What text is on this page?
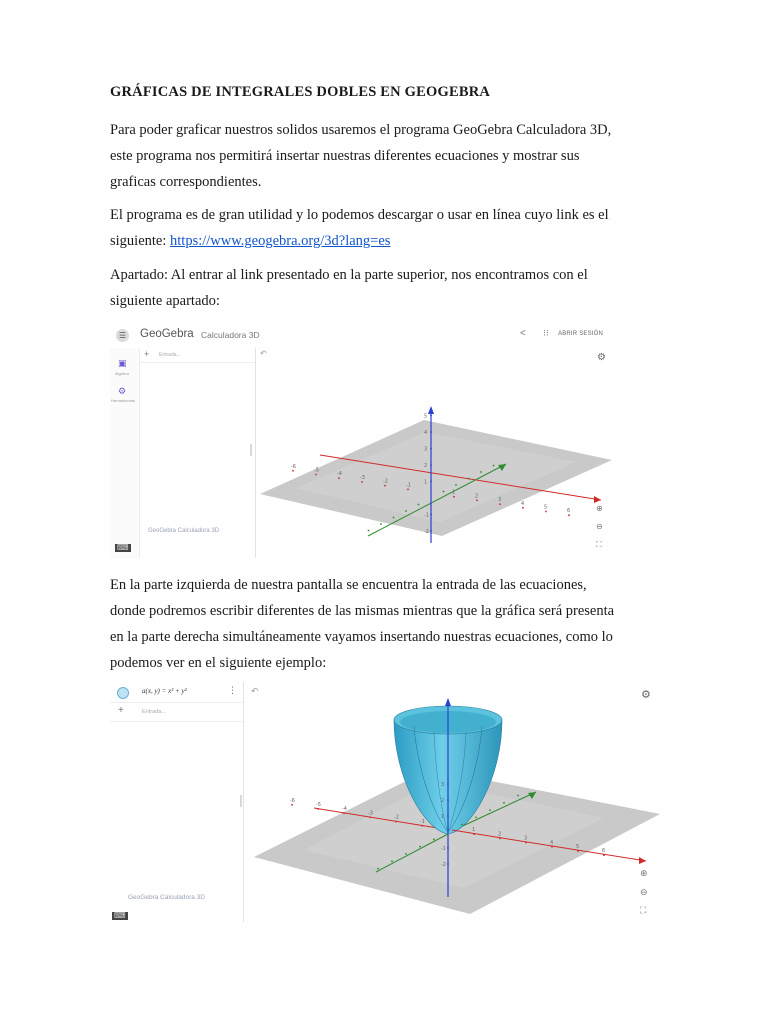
GRÁFICAS DE INTEGRALES DOBLES EN GEOGEBRA
Para poder graficar nuestros solidos usaremos el programa GeoGebra Calculadora 3D,
este programa nos permitirá insertar nuestras diferentes ecuaciones y mostrar sus
graficas correspondientes.
El programa es de gran utilidad y lo podemos descargar o usar en línea cuyo link es el
siguiente: https://www.geogebra.org/3d?lang=es
Apartado: Al entrar al link presentado en la parte superior, nos encontramos con el
siguiente apartado:
☰ GeoGebra Calculadora 3D	< ⁝⁝ ABRIR SESIÓN
▣
Álgebra
⚙
Herramientas
+ Entrada...
GeoGebra Calculadora 3D
⌨
5
4
3
2
1
-1
-2
-6
-5
-4
-3
-2
-1
1
2
3
4
5
6
↶	⚙
⊕
⊖
⛶
En la parte izquierda de nuestra pantalla se encuentra la entrada de las ecuaciones,
donde podremos escribir diferentes de las mismas mientras que la gráfica será presenta
en la parte derecha simultáneamente vayamos insertando nuestras ecuaciones, como lo
podemos ver en el siguiente ejemplo:
a(x, y) = x² + y²	⋮
+	Entrada...
GeoGebra Calculadora 3D
⌨
3
2
1
-1
-2
-6
-5
-4
-3
-2
-1
1
2
3
4
5
6
↶	⚙
⊕
⊖
⛶
